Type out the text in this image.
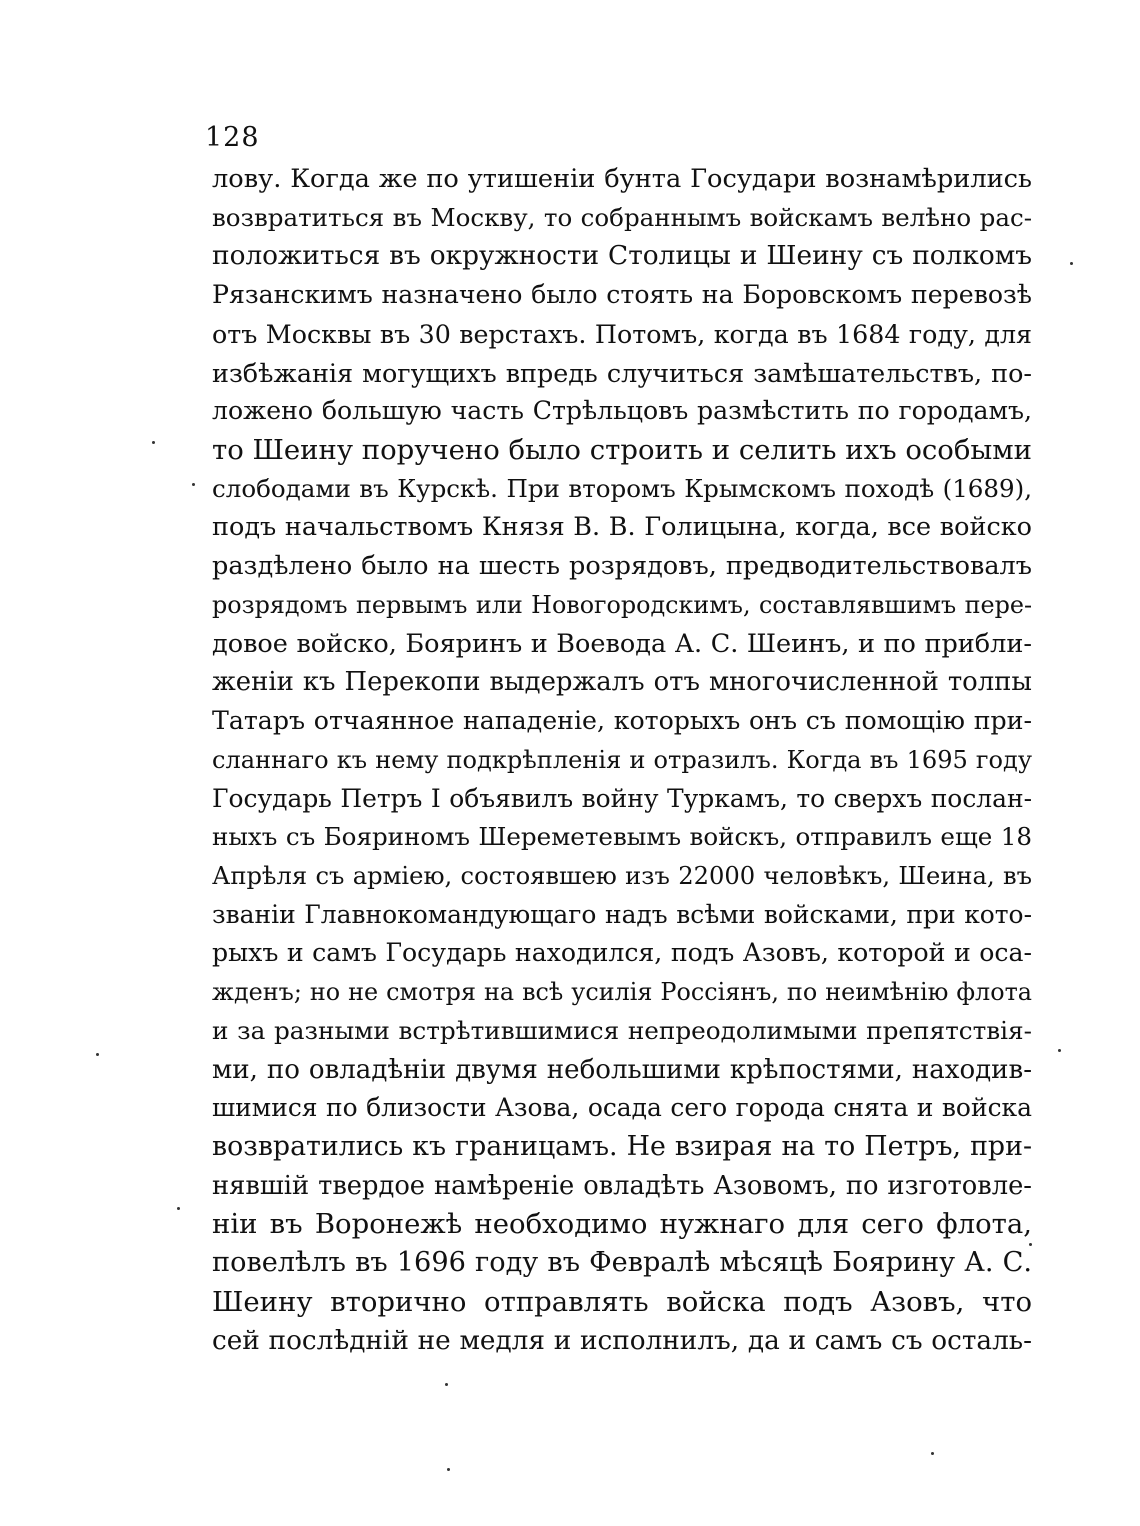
128
лову. Когда же по утишенiи бунта Государи вознамѣрились
возвратиться въ Москву, то собраннымъ войскамъ велѣно рас-
положиться въ окружности Столицы и Шеину съ полкомъ
Рязанскимъ назначено было стоять на Боровскомъ перевозѣ
отъ Москвы въ 30 верстахъ. Потомъ, когда въ 1684 году, для
избѣжанiя могущихъ впредь случиться замѣшательствъ, по-
ложено большую часть Стрѣльцовъ размѣстить по городамъ,
то Шеину поручено было строить и селить ихъ особыми
слободами въ Курскѣ. При второмъ Крымскомъ походѣ (1689),
подъ начальствомъ Князя В. В. Голицына, когда, все войско
раздѣлено было на шесть розрядовъ, предводительствовалъ
розрядомъ первымъ или Новогородскимъ, составлявшимъ пере-
довое войско, Бояринъ и Воевода А. С. Шеинъ, и по прибли-
женiи къ Перекопи выдержалъ отъ многочисленной толпы
Татаръ отчаянное нападенiе, которыхъ онъ съ помощiю при-
сланнаго къ нему подкрѣпленiя и отразилъ. Когда въ 1695 году
Государь Петръ I объявилъ войну Туркамъ, то сверхъ послан-
ныхъ съ Бояриномъ Шереметевымъ войскъ, отправилъ еще 18
Апрѣля съ армiею, состоявшею изъ 22000 человѣкъ, Шеина, въ
званiи Главнокомандующаго надъ всѣми войсками, при кото-
рыхъ и самъ Государь находился, подъ Азовъ, которой и оса-
жденъ; но не смотря на всѣ усилiя Россiянъ, по неимѣнiю флота
и за разными встрѣтившимися непреодолимыми препятствiя-
ми, по овладѣнiи двумя небольшими крѣпостями, находив-
шимися по близости Азова, осада сего города снята и войска
возвратились къ границамъ. Не взирая на то Петръ, при-
нявшiй твердое намѣренiе овладѣть Азовомъ, по изготовле-
нiи въ Воронежѣ необходимо нужнаго для сего флота,
повелѣлъ въ 1696 году въ Февралѣ мѣсяцѣ Боярину А. С.
Шеину вторично отправлять войска подъ Азовъ, что
сей послѣднiй не медля и исполнилъ, да и самъ съ осталь-
